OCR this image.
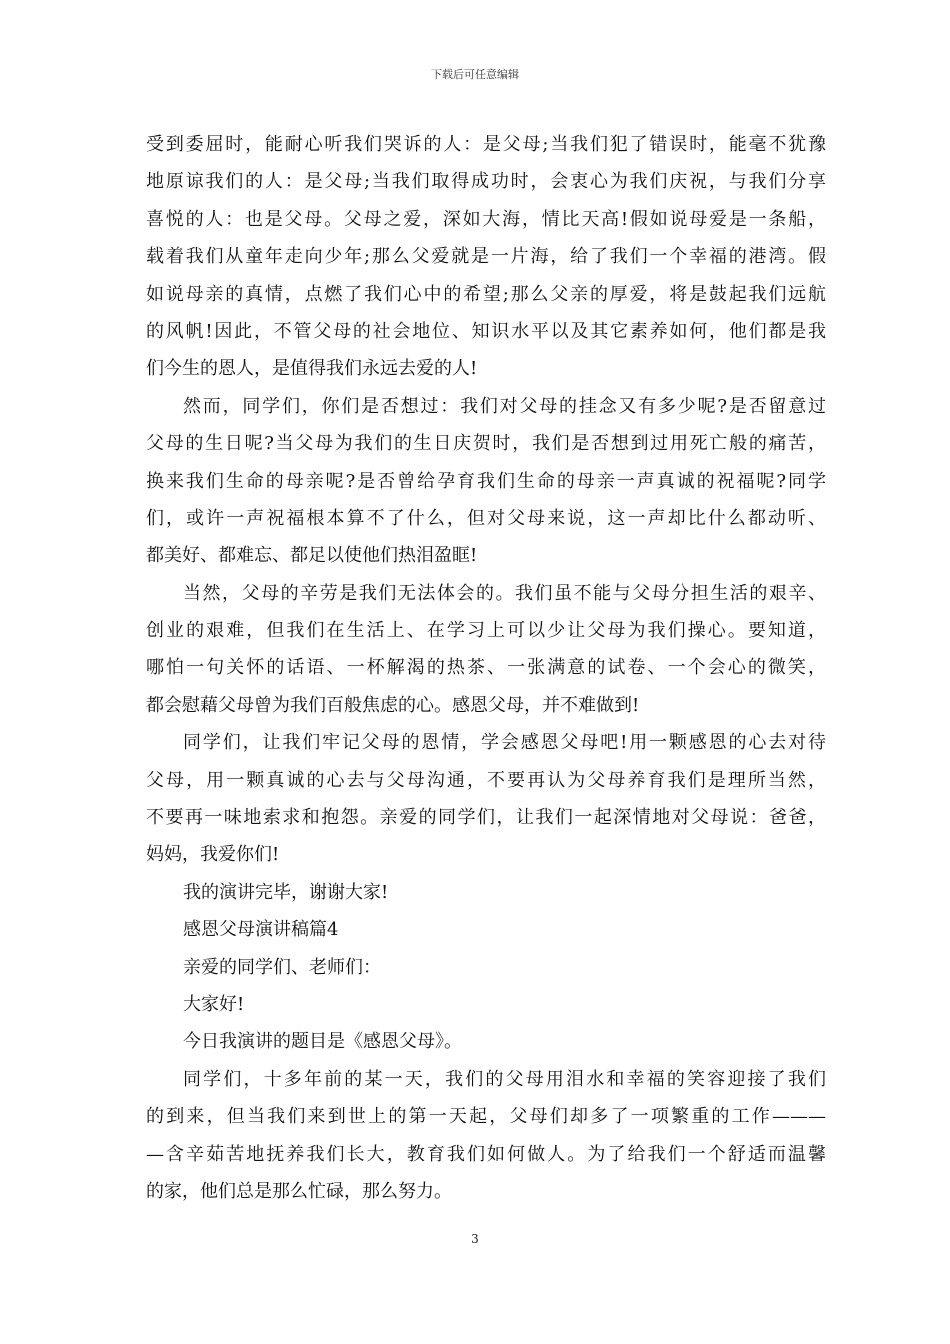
下载后可任意编辑
受到委屈时，能耐心听我们哭诉的人：是父母;当我们犯了错误时，能毫不犹豫
地原谅我们的人：是父母;当我们取得成功时，会衷心为我们庆祝，与我们分享
喜悦的人：也是父母。父母之爱，深如大海，情比天高!假如说母爱是一条船，
载着我们从童年走向少年;那么父爱就是一片海，给了我们一个幸福的港湾。假
如说母亲的真情，点燃了我们心中的希望;那么父亲的厚爱，将是鼓起我们远航
的风帆!因此，不管父母的社会地位、知识水平以及其它素养如何，他们都是我
们今生的恩人，是值得我们永远去爱的人!
然而，同学们，你们是否想过：我们对父母的挂念又有多少呢?是否留意过
父母的生日呢?当父母为我们的生日庆贺时，我们是否想到过用死亡般的痛苦，
换来我们生命的母亲呢?是否曾给孕育我们生命的母亲一声真诚的祝福呢?同学
们，或许一声祝福根本算不了什么，但对父母来说，这一声却比什么都动听、
都美好、都难忘、都足以使他们热泪盈眶!
当然，父母的辛劳是我们无法体会的。我们虽不能与父母分担生活的艰辛、
创业的艰难，但我们在生活上、在学习上可以少让父母为我们操心。要知道，
哪怕一句关怀的话语、一杯解渴的热茶、一张满意的试卷、一个会心的微笑，
都会慰藉父母曾为我们百般焦虑的心。感恩父母，并不难做到!
同学们，让我们牢记父母的恩情，学会感恩父母吧!用一颗感恩的心去对待
父母，用一颗真诚的心去与父母沟通，不要再认为父母养育我们是理所当然，
不要再一味地索求和抱怨。亲爱的同学们，让我们一起深情地对父母说：爸爸，
妈妈，我爱你们!
我的演讲完毕，谢谢大家!
感恩父母演讲稿篇4
亲爱的同学们、老师们：
大家好!
今日我演讲的题目是《感恩父母》。
同学们，十多年前的某一天，我们的父母用泪水和幸福的笑容迎接了我们
的到来，但当我们来到世上的第一天起，父母们却多了一项繁重的工作———
—含辛茹苦地抚养我们长大，教育我们如何做人。为了给我们一个舒适而温馨
的家，他们总是那么忙碌，那么努力。
3
